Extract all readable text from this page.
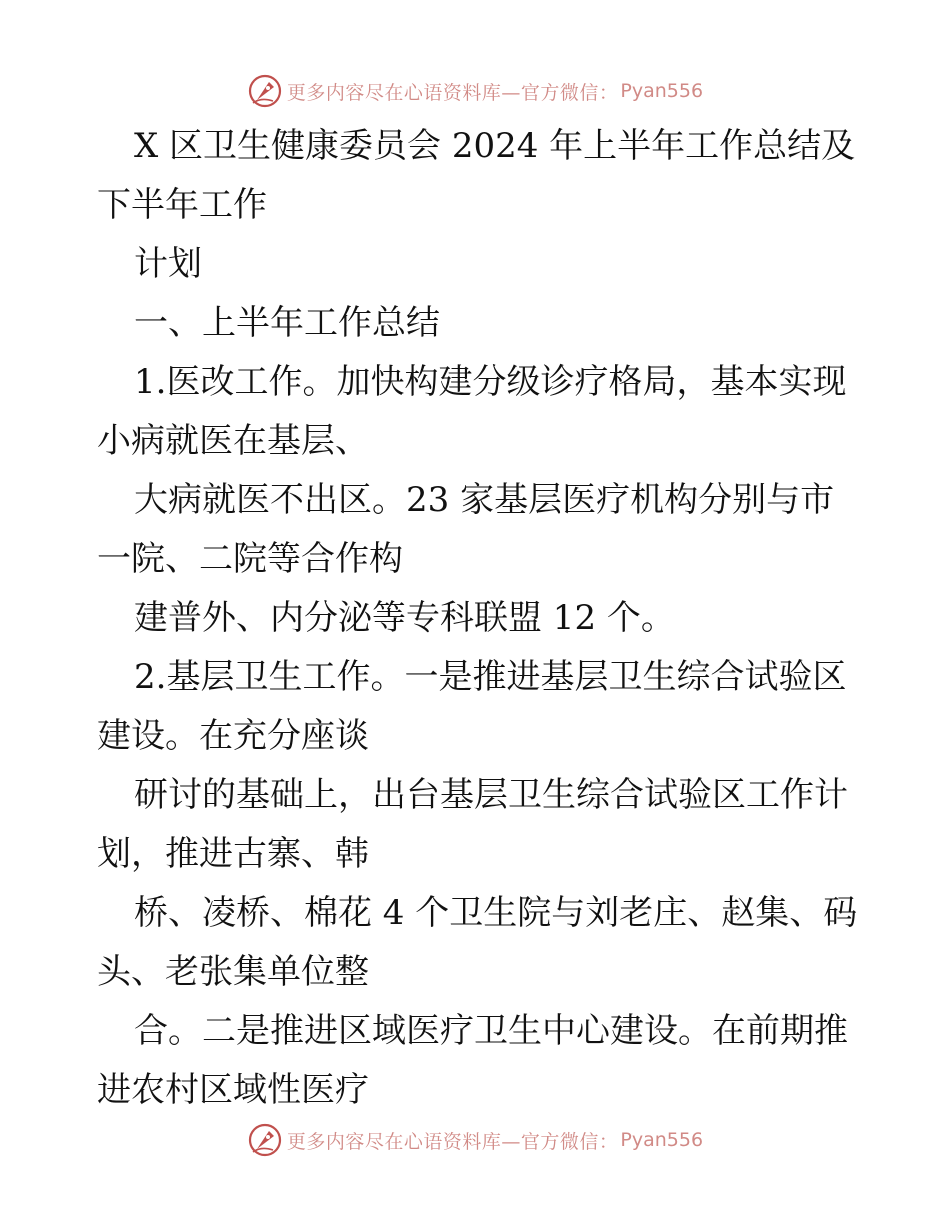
更多内容尽在心语资料库—官方微信： Pyan556
X 区卫生健康委员会 2024 年上半年工作总结及
下半年工作
计划
一、上半年工作总结
1.医改工作。加快构建分级诊疗格局，基本实现
小病就医在基层、
大病就医不出区。23 家基层医疗机构分别与市
一院、二院等合作构
建普外、内分泌等专科联盟 12 个。
2.基层卫生工作。一是推进基层卫生综合试验区
建设。在充分座谈
研讨的基础上，出台基层卫生综合试验区工作计
划，推进古寨、韩
桥、凌桥、棉花 4 个卫生院与刘老庄、赵集、码
头、老张集单位整
合。二是推进区域医疗卫生中心建设。在前期推
进农村区域性医疗
更多内容尽在心语资料库—官方微信： Pyan556
